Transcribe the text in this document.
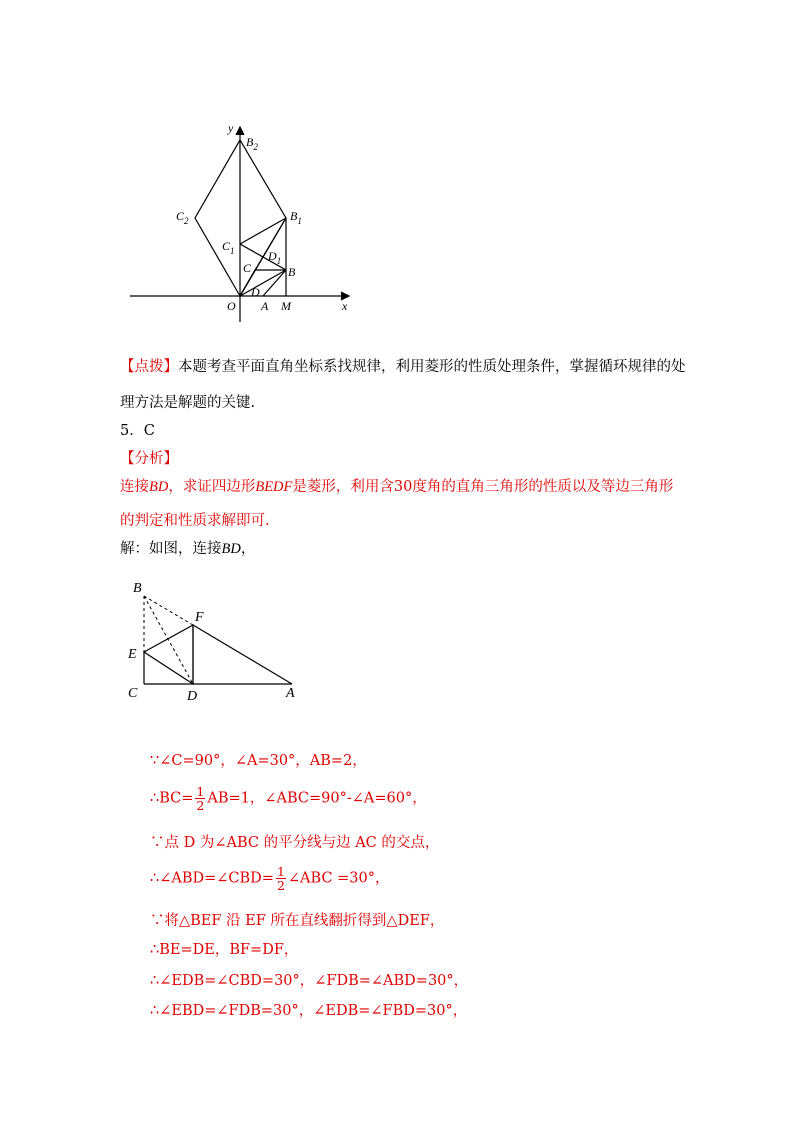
y
$B_2$
$C_2$	$B_1$
$C_1$	$D_1$
C	B
O
D
A M	x
【点拨】本题考查平面直角坐标系找规律，利用菱形的性质处理条件，掌握循环规律的处
理方法是解题的关键.
5．C
【分析】
连接BD，求证四边形BEDF是菱形，利用含30度角的直角三角形的性质以及等边三角形
的判定和性质求解即可.
解：如图，连接BD，
B
F
E
C	D	A
∵∠C=90°，∠A=30°，AB=2，
∴BC= $\frac{1}{2} AB=1$，∠ABC=90°-∠A=60°，
∵点 D 为∠ABC 的平分线与边 AC 的交点，
∴∠ABD=∠CBD= $\frac{1}{2}$ ∠ABC =30°，
∵将△BEF 沿 EF 所在直线翻折得到△DEF，
∴BE=DE，BF=DF，
∴∠EDB=∠CBD=30°，∠FDB=∠ABD=30°，
∴∠EBD=∠FDB=30°，∠EDB=∠FBD=30°，
